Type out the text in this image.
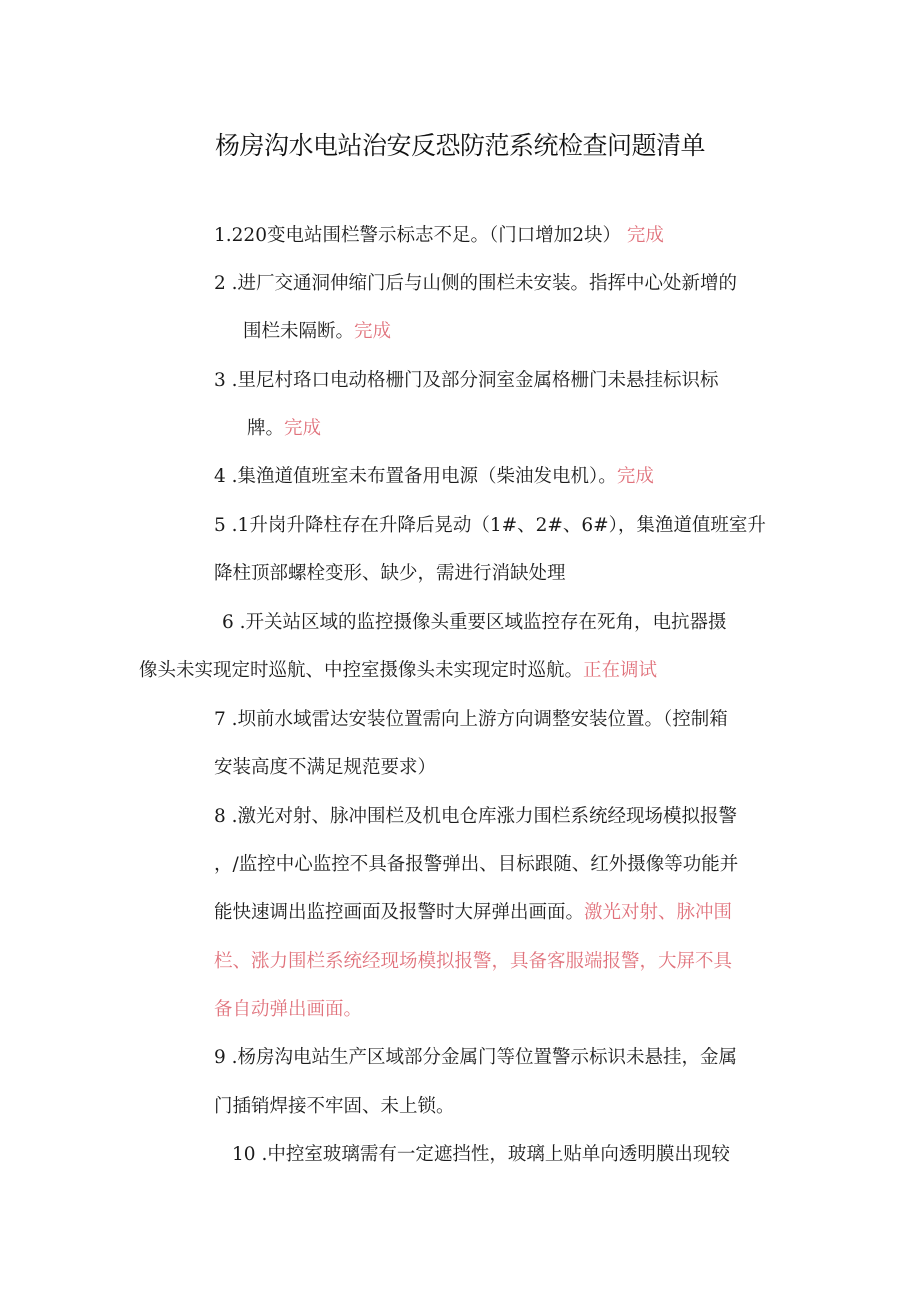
杨房沟水电站治安反恐防范系统检查问题清单
1.220变电站围栏警示标志不足。（门口增加2块） 完成
2 .进厂交通洞伸缩门后与山侧的围栏未安装。指挥中心处新增的
围栏未隔断。完成
3 .里尼村珞口电动格栅门及部分洞室金属格栅门未悬挂标识标
牌。完成
4 .集渔道值班室未布置备用电源（柴油发电机）。完成
5 .1升岗升降柱存在升降后晃动（1#、2#、6#），集渔道值班室升
降柱顶部螺栓变形、缺少，需进行消缺处理
6 .开关站区域的监控摄像头重要区域监控存在死角，电抗器摄
像头未实现定时巡航、中控室摄像头未实现定时巡航。正在调试
7 .坝前水域雷达安装位置需向上游方向调整安装位置。（控制箱
安装高度不满足规范要求）
8 .激光对射、脉冲围栏及机电仓库涨力围栏系统经现场模拟报警
，/监控中心监控不具备报警弹出、目标跟随、红外摄像等功能并
能快速调出监控画面及报警时大屏弹出画面。激光对射、脉冲围
栏、涨力围栏系统经现场模拟报警，具备客服端报警，大屏不具
备自动弹出画面。
9 .杨房沟电站生产区域部分金属门等位置警示标识未悬挂，金属
门插销焊接不牢固、未上锁。
10 .中控室玻璃需有一定遮挡性，玻璃上贴单向透明膜出现较
